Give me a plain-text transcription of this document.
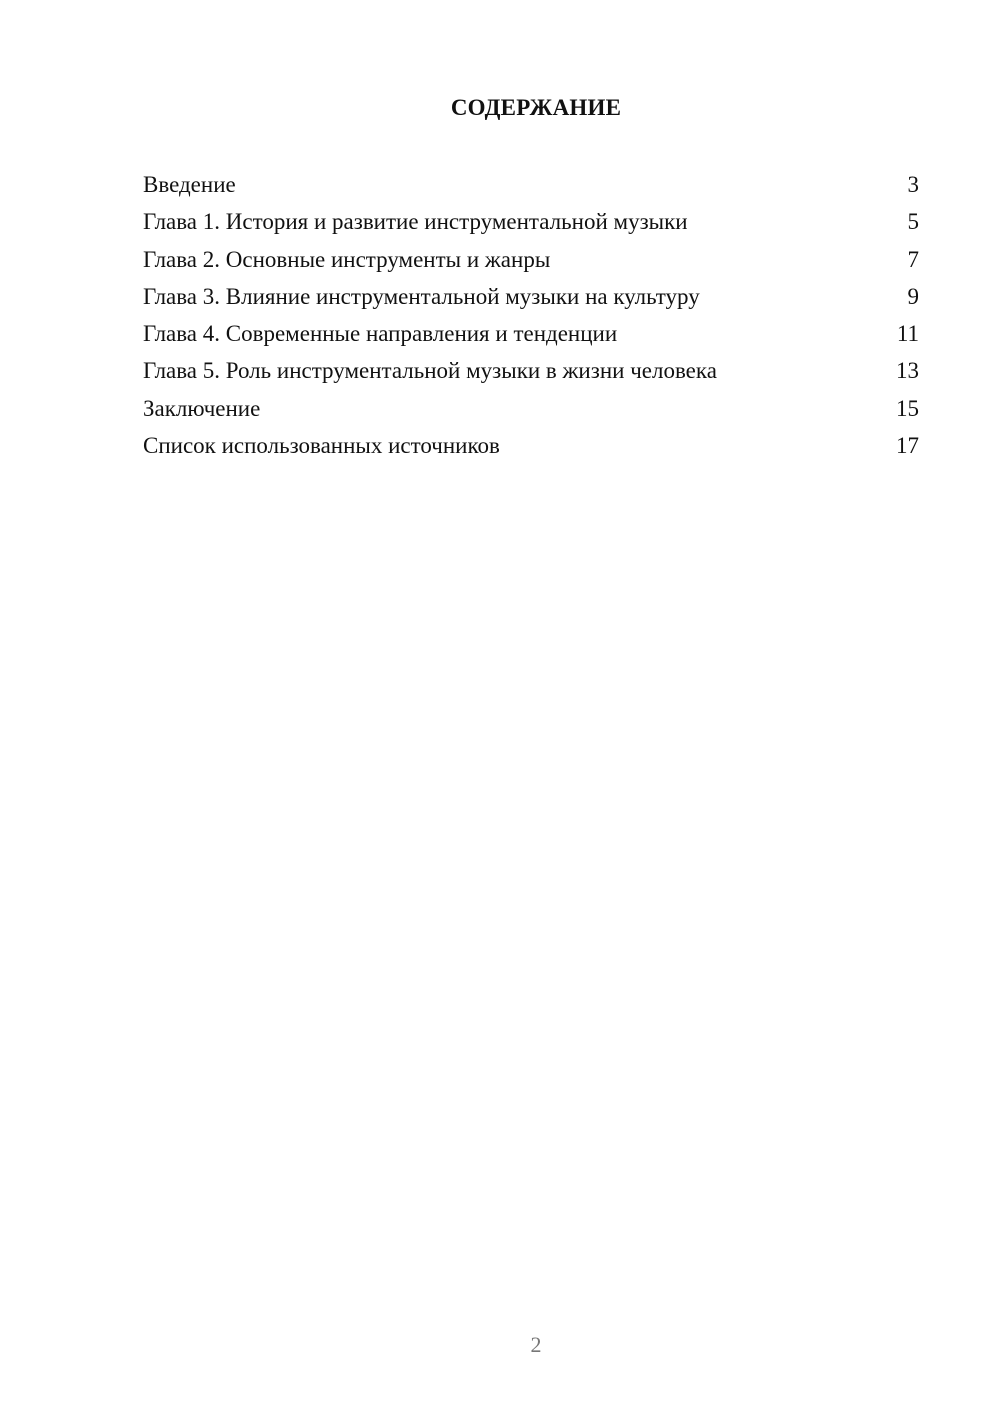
СОДЕРЖАНИЕ
Введение	3
Глава 1. История и развитие инструментальной музыки	5
Глава 2. Основные инструменты и жанры	7
Глава 3. Влияние инструментальной музыки на культуру	9
Глава 4. Современные направления и тенденции	11
Глава 5. Роль инструментальной музыки в жизни человека	13
Заключение	15
Список использованных источников	17
2
